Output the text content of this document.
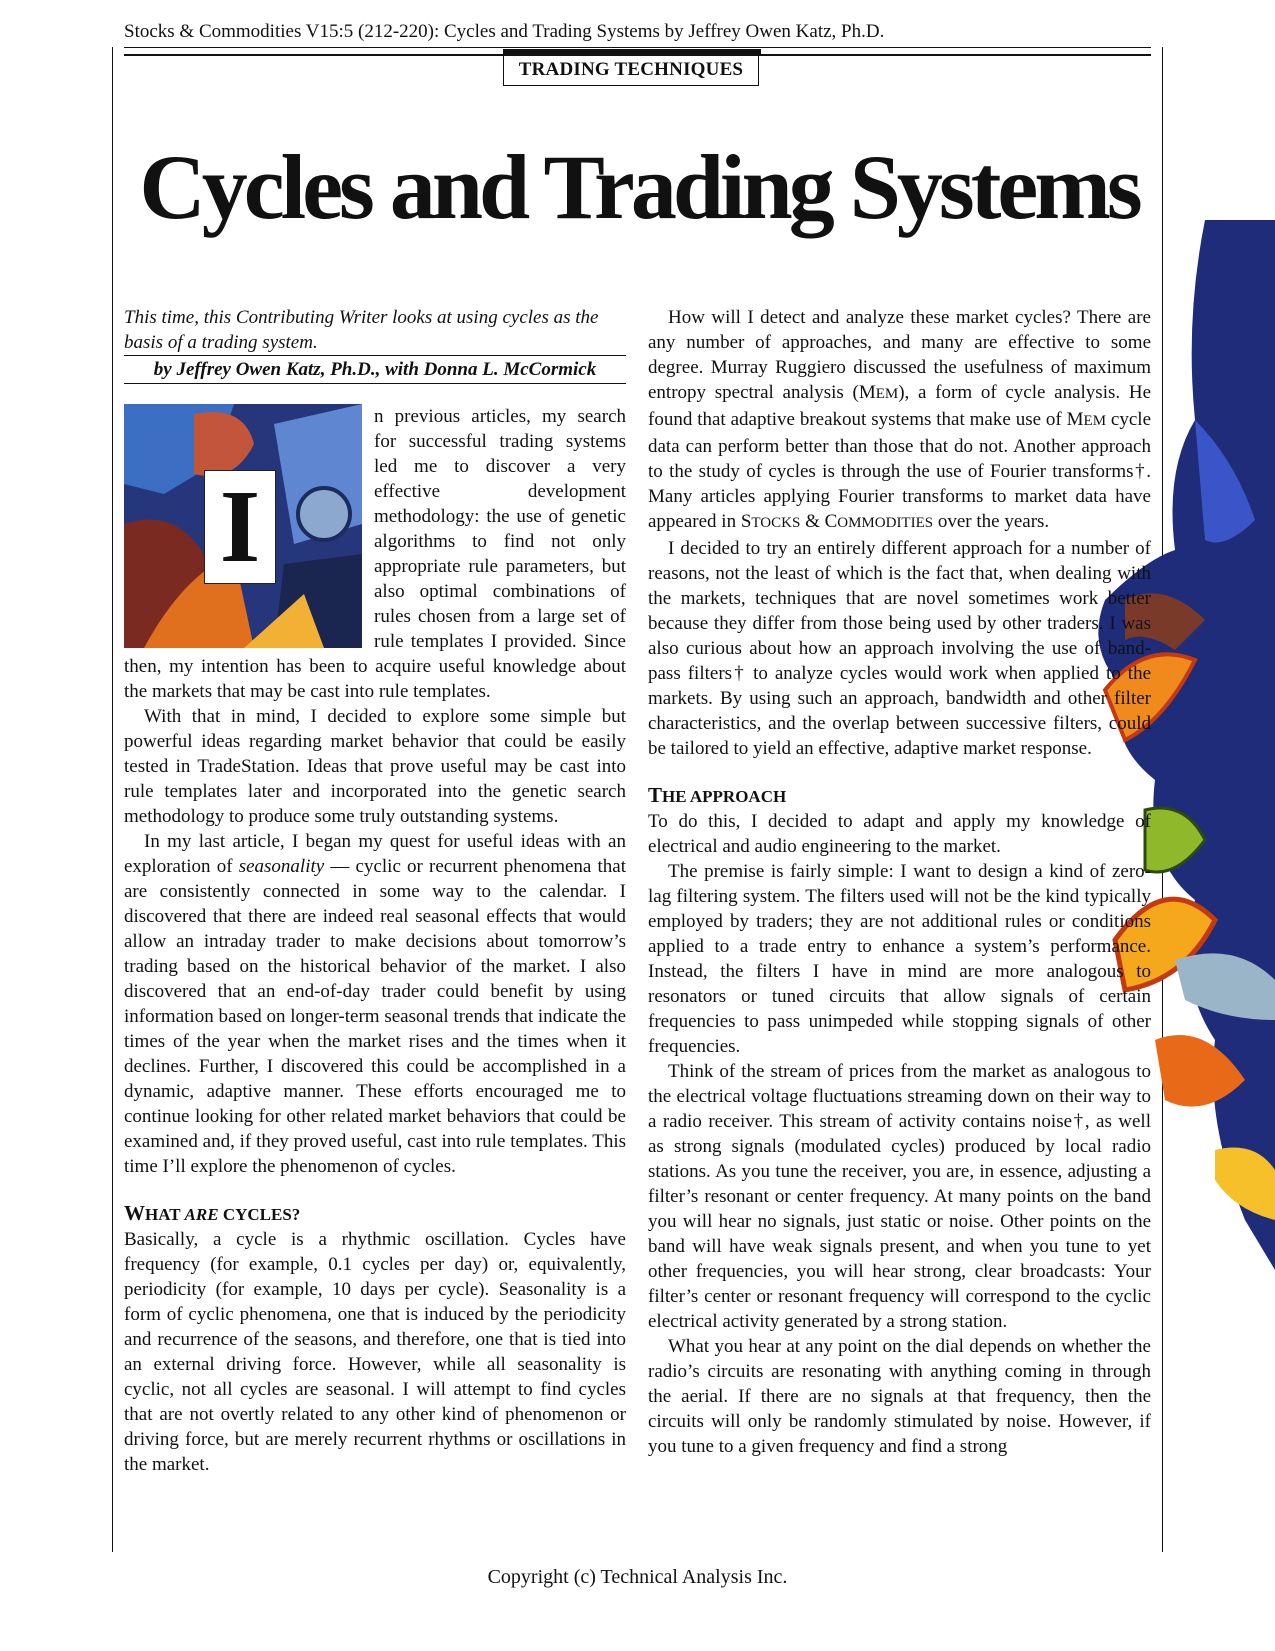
Stocks & Commodities V15:5 (212-220): Cycles and Trading Systems by Jeffrey Owen Katz, Ph.D.
TRADING TECHNIQUES
Cycles and Trading Systems

This time, this Contributing Writer looks at using cycles as the basis of a trading system.

by Jeffrey Owen Katz, Ph.D., with Donna L. McCormick
I

n previous articles, my search for successful trading systems led me to discover a very effective development methodology: the use of genetic algorithms to find not only appropriate rule parameters, but also optimal combinations of rules chosen from a large set of rule templates I provided. Since then, my intention has been to acquire useful knowledge about the markets that may be cast into rule templates.

With that in mind, I decided to explore some simple but powerful ideas regarding market behavior that could be easily tested in TradeStation. Ideas that prove useful may be cast into rule templates later and incorporated into the genetic search methodology to produce some truly outstanding systems.

In my last article, I began my quest for useful ideas with an exploration of seasonality — cyclic or recurrent phenomena that are consistently connected in some way to the calendar. I discovered that there are indeed real seasonal effects that would allow an intraday trader to make decisions about tomorrow’s trading based on the historical behavior of the market. I also discovered that an end-of-day trader could benefit by using information based on longer-term seasonal trends that indicate the times of the year when the market rises and the times when it declines. Further, I discovered this could be accomplished in a dynamic, adaptive manner. These efforts encouraged me to continue looking for other related market behaviors that could be examined and, if they proved useful, cast into rule templates. This time I’ll explore the phenomenon of cycles.

WHAT ARE CYCLES?

Basically, a cycle is a rhythmic oscillation. Cycles have frequency (for example, 0.1 cycles per day) or, equivalently, periodicity (for example, 10 days per cycle). Seasonality is a form of cyclic phenomena, one that is induced by the periodicity and recurrence of the seasons, and therefore, one that is tied into an external driving force. However, while all seasonality is cyclic, not all cycles are seasonal. I will attempt to find cycles that are not overtly related to any other kind of phenomenon or driving force, but are merely recurrent rhythms or oscillations in the market.

How will I detect and analyze these market cycles? There are any number of approaches, and many are effective to some degree. Murray Ruggiero discussed the usefulness of maximum entropy spectral analysis (MEM), a form of cycle analysis. He found that adaptive breakout systems that make use of MEM cycle data can perform better than those that do not. Another approach to the study of cycles is through the use of Fourier transforms†. Many articles applying Fourier transforms to market data have appeared in STOCKS & COMMODITIES over the years.

I decided to try an entirely different approach for a number of reasons, not the least of which is the fact that, when dealing with the markets, techniques that are novel sometimes work better because they differ from those being used by other traders. I was also curious about how an approach involving the use of band-pass filters† to analyze cycles would work when applied to the markets. By using such an approach, bandwidth and other filter characteristics, and the overlap between successive filters, could be tailored to yield an effective, adaptive market response.

THE APPROACH

To do this, I decided to adapt and apply my knowledge of electrical and audio engineering to the market.

The premise is fairly simple: I want to design a kind of zero-lag filtering system. The filters used will not be the kind typically employed by traders; they are not additional rules or conditions applied to a trade entry to enhance a system’s performance. Instead, the filters I have in mind are more analogous to resonators or tuned circuits that allow signals of certain frequencies to pass unimpeded while stopping signals of other frequencies.

Think of the stream of prices from the market as analogous to the electrical voltage fluctuations streaming down on their way to a radio receiver. This stream of activity contains noise†, as well as strong signals (modulated cycles) produced by local radio stations. As you tune the receiver, you are, in essence, adjusting a filter’s resonant or center frequency. At many points on the band you will hear no signals, just static or noise. Other points on the band will have weak signals present, and when you tune to yet other frequencies, you will hear strong, clear broadcasts: Your filter’s center or resonant frequency will correspond to the cyclic electrical activity generated by a strong station.

What you hear at any point on the dial depends on whether the radio’s circuits are resonating with anything coming in through the aerial. If there are no signals at that frequency, then the circuits will only be randomly stimulated by noise. However, if you tune to a given frequency and find a strong

Copyright (c) Technical Analysis Inc.
